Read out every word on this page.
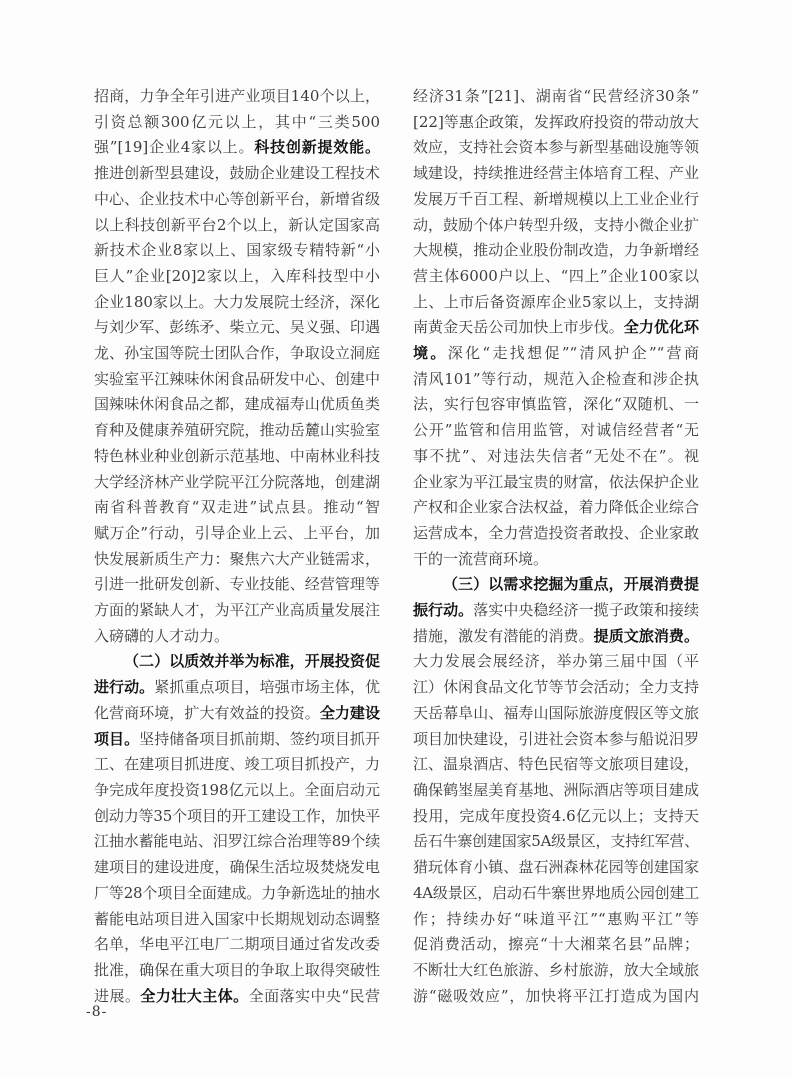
招商，力争全年引进产业项目140个以上，
引资总额300亿元以上，其中“三类500
强”[19]企业4家以上。科技创新提效能。
推进创新型县建设，鼓励企业建设工程技术
中心、企业技术中心等创新平台，新增省级
以上科技创新平台2个以上，新认定国家高
新技术企业8家以上、国家级专精特新“小
巨人”企业[20]2家以上，入库科技型中小
企业180家以上。大力发展院士经济，深化
与刘少军、彭练矛、柴立元、吴义强、印遇
龙、孙宝国等院士团队合作，争取设立洞庭
实验室平江辣味休闲食品研发中心、创建中
国辣味休闲食品之都，建成福寿山优质鱼类
育种及健康养殖研究院，推动岳麓山实验室
特色林业种业创新示范基地、中南林业科技
大学经济林产业学院平江分院落地，创建湖
南省科普教育“双走进”试点县。推动“智
赋万企”行动，引导企业上云、上平台，加
快发展新质生产力：聚焦六大产业链需求，
引进一批研发创新、专业技能、经营管理等
方面的紧缺人才，为平江产业高质量发展注
入磅礴的人才动力。
（二）以质效并举为标准，开展投资促
进行动。紧抓重点项目，培强市场主体，优
化营商环境，扩大有效益的投资。全力建设
项目。坚持储备项目抓前期、签约项目抓开
工、在建项目抓进度、竣工项目抓投产，力
争完成年度投资198亿元以上。全面启动元
创动力等35个项目的开工建设工作，加快平
江抽水蓄能电站、汨罗江综合治理等89个续
建项目的建设进度，确保生活垃圾焚烧发电
厂等28个项目全面建成。力争新选址的抽水
蓄能电站项目进入国家中长期规划动态调整
名单，华电平江电厂二期项目通过省发改委
批准，确保在重大项目的争取上取得突破性
进展。全力壮大主体。全面落实中央“民营
经济31条”[21]、湖南省“民营经济30条”
[22]等惠企政策，发挥政府投资的带动放大
效应，支持社会资本参与新型基础设施等领
域建设，持续推进经营主体培育工程、产业
发展万千百工程、新增规模以上工业企业行
动，鼓励个体户转型升级，支持小微企业扩
大规模，推动企业股份制改造，力争新增经
营主体6000户以上、“四上”企业100家以
上、上市后备资源库企业5家以上，支持湖
南黄金天岳公司加快上市步伐。全力优化环
境。深化“走找想促”“清风护企”“营商
清风101”等行动，规范入企检查和涉企执
法，实行包容审慎监管，深化“双随机、一
公开”监管和信用监管，对诚信经营者“无
事不扰”、对违法失信者“无处不在”。视
企业家为平江最宝贵的财富，依法保护企业
产权和企业家合法权益，着力降低企业综合
运营成本，全力营造投资者敢投、企业家敢
干的一流营商环境。
（三）以需求挖掘为重点，开展消费提
振行动。落实中央稳经济一揽子政策和接续
措施，激发有潜能的消费。提质文旅消费。
大力发展会展经济，举办第三届中国（平
江）休闲食品文化节等节会活动；全力支持
天岳幕阜山、福寿山国际旅游度假区等文旅
项目加快建设，引进社会资本参与船说汨罗
江、温泉酒店、特色民宿等文旅项目建设，
确保鹤埊屋美育基地、洲际酒店等项目建成
投用，完成年度投资4.6亿元以上；支持天
岳石牛寨创建国家5A级景区，支持红军营、
猎玩体育小镇、盘石洲森林花园等创建国家
4A级景区，启动石牛寨世界地质公园创建工
作；持续办好“味道平江”“惠购平江”等
促消费活动，擦亮“十大湘菜名县”品牌；
不断壮大红色旅游、乡村旅游，放大全域旅
游“磁吸效应”，加快将平江打造成为国内
-8-
